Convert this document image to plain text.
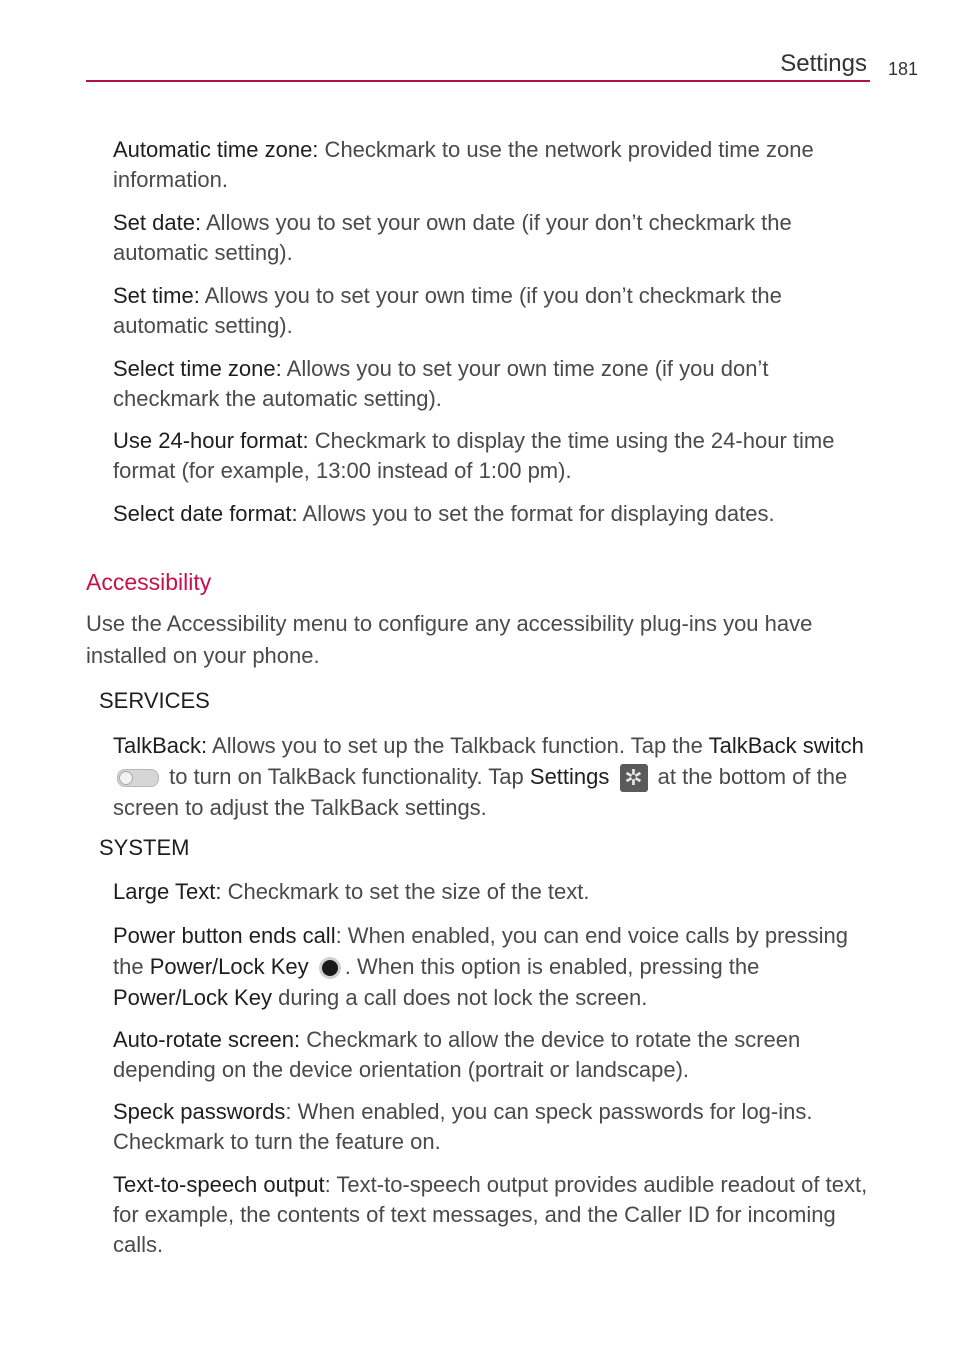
Settings 181

Automatic time zone: Checkmark to use the network provided time zone information.

Set date: Allows you to set your own date (if your don’t checkmark the automatic setting).

Set time: Allows you to set your own time (if you don’t checkmark the automatic setting).

Select time zone: Allows you to set your own time zone (if you don’t checkmark the automatic setting).

Use 24-hour format: Checkmark to display the time using the 24-hour time format (for example, 13:00 instead of 1:00 pm).

Select date format: Allows you to set the format for displaying dates.

Accessibility

Use the Accessibility menu to configure any accessibility plug-ins you have installed on your phone.

SERVICES

TalkBack: Allows you to set up the Talkback function. Tap the TalkBack switch  to turn on TalkBack functionality. Tap Settings ✲ at the bottom of the screen to adjust the TalkBack settings.

SYSTEM

Large Text: Checkmark to set the size of the text.

Power button ends call: When enabled, you can end voice calls by pressing the Power/Lock Key . When this option is enabled, pressing the Power/Lock Key during a call does not lock the screen.

Auto-rotate screen: Checkmark to allow the device to rotate the screen depending on the device orientation (portrait or landscape).

Speck passwords: When enabled, you can speck passwords for log-ins. Checkmark to turn the feature on.

Text-to-speech output: Text-to-speech output provides audible readout of text, for example, the contents of text messages, and the Caller ID for incoming calls.
